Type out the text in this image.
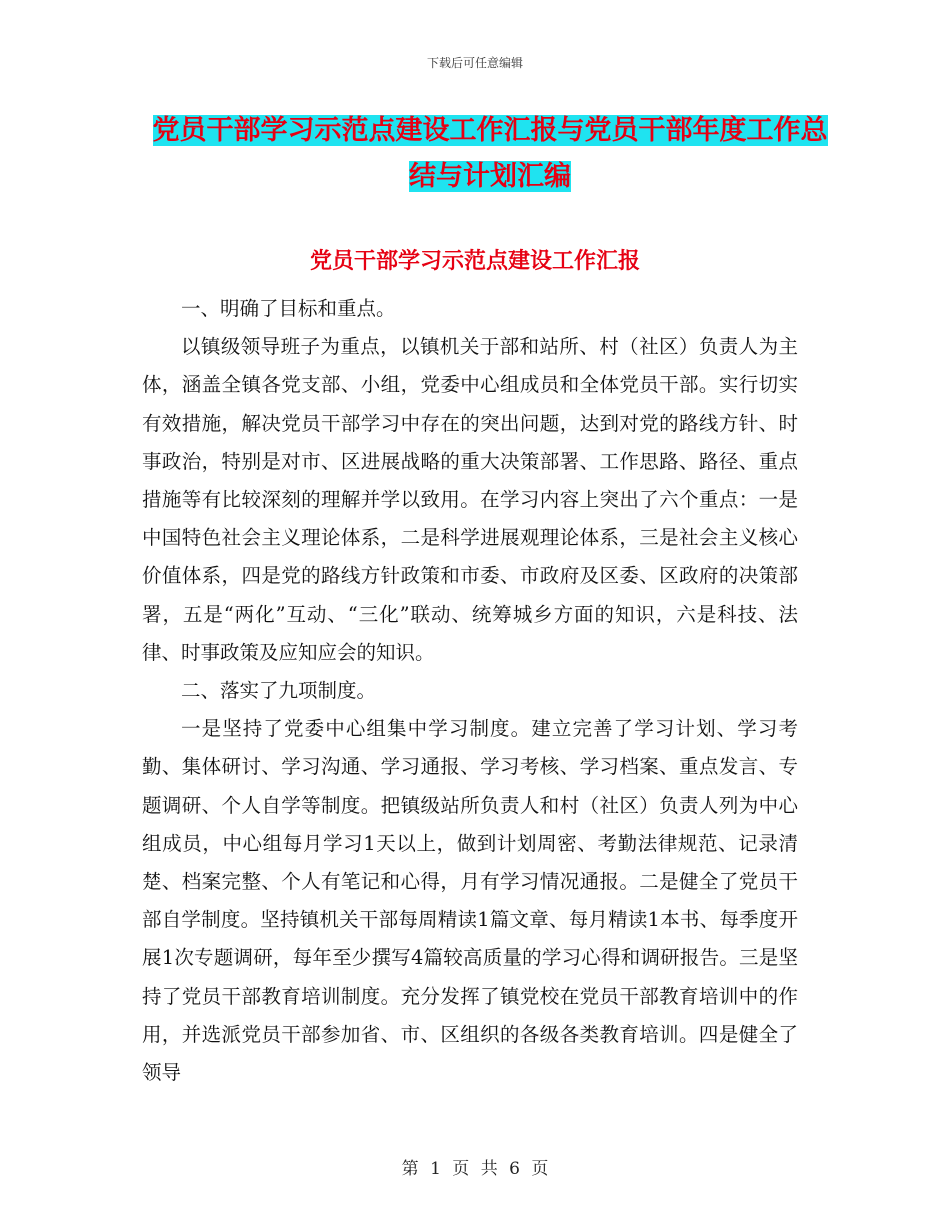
下载后可任意编辑
党员干部学习示范点建设工作汇报与党员干部年度工作总结与计划汇编
党员干部学习示范点建设工作汇报

一、明确了目标和重点。

以镇级领导班子为重点，以镇机关于部和站所、村（社区）负责人为主体，涵盖全镇各党支部、小组，党委中心组成员和全体党员干部。实行切实有效措施，解决党员干部学习中存在的突出问题，达到对党的路线方针、时事政治，特别是对市、区进展战略的重大决策部署、工作思路、路径、重点措施等有比较深刻的理解并学以致用。在学习内容上突出了六个重点：一是中国特色社会主义理论体系，二是科学进展观理论体系，三是社会主义核心价值体系，四是党的路线方针政策和市委、市政府及区委、区政府的决策部署，五是“两化”互动、“三化”联动、统筹城乡方面的知识，六是科技、法律、时事政策及应知应会的知识。

二、落实了九项制度。

一是坚持了党委中心组集中学习制度。建立完善了学习计划、学习考勤、集体研讨、学习沟通、学习通报、学习考核、学习档案、重点发言、专题调研、个人自学等制度。把镇级站所负责人和村（社区）负责人列为中心组成员，中心组每月学习1天以上，做到计划周密、考勤法律规范、记录清楚、档案完整、个人有笔记和心得，月有学习情况通报。二是健全了党员干部自学制度。坚持镇机关干部每周精读1篇文章、每月精读1本书、每季度开展1次专题调研，每年至少撰写4篇较高质量的学习心得和调研报告。三是坚持了党员干部教育培训制度。充分发挥了镇党校在党员干部教育培训中的作用，并选派党员干部参加省、市、区组织的各级各类教育培训。四是健全了领导

第 1 页 共 6 页
